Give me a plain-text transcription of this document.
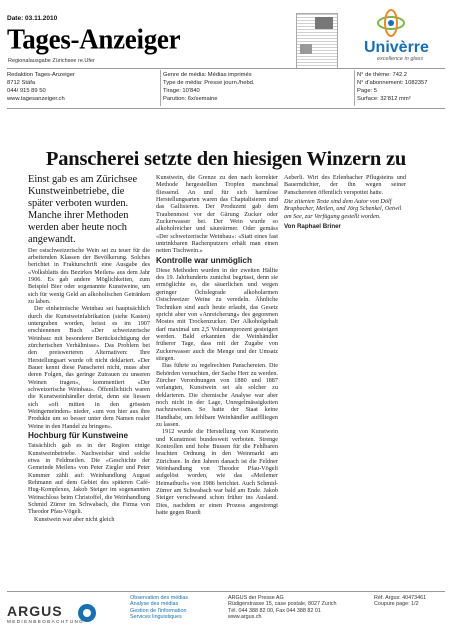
Date: 03.11.2010
Tages-Anzeiger
Regionalausgabe Zürichsee re.Ufer
Univèrre
excellence in glass
Redaktion Tages-Anzeiger
8712 Stäfa
044/ 915 89 50
www.tagesanzeiger.ch
Genre de média: Médias imprimés
Type de média: Presse journ./hebd.
Tirage: 10'840
Parution: 6x/semaine
N° de thème: 742.2
N° d'abonnement: 1082357
Page: 5
Surface: 32'812 mm²
Panscherei setzte den hiesigen Winzern zu

Einst gab es am Zürichsee Kunstweinbetriebe, die später verboten wurden. Manche ihrer Methoden werden aber heute noch angewandt.

Der ostschweizerische Wein sei zu teuer für die arbeitenden Klassen der Bevölkerung. Solches berichtet in Frakturschrift eine Ausgabe des «Volksblatts des Bezirkes Meilen» aus dem Jahr 1906. Es gab andere Möglichkeiten, zum Beispiel Bier oder sogenannte Kunstweine, um sich für wenig Geld an alkoholischen Getränken zu laben.

Der einheimische Weinbau sei hauptsächlich durch die Kunstweinfabrikation (siehe Kasten) untergraben worden, heisst es im 1907 erschienenen Buch «Der schweizerische Weinbau: mit besonderer Berücksichtigung der zürcherischen Verhältnisse». Das Problem bei den preiswerteren Alternativen: Ihre Herstellungsart wurde oft nicht deklariert. «Der Bauer kennt diese Panscherei nicht, muss aber deren Folgen, das geringe Zutrauen zu unseren Weinen tragen», kommentiert «Der schweizerische Weinbau». Öffentlichtich waren die Kunstweinhändler dreist, denn sie liessen sich «oft mitten in den grössten Weingemeinden» nieder, «um von hier aus ihre Produkte um so besser unter dem Namen realer Weine in den Handel zu bringen».

Hochburg für Kunstweine

Tatsächlich gab es in der Region einige Kunstweinbetriebe. Nachweisbar sind solche etwa in Feldmeilen. Die «Geschichte der Gemeinde Meilen» von Peter Ziegler und Peter Kummer zählt auf: Weinhandlung August Rehmann auf dem Gebiet des späteren Café-Hug-Komplexes, Jakob Steiger im sogenannten Weinschloss beim Christoffel, die Weinhandlung Schmid Zürrer im Schwabach, die Firma von Theodor Pfau-Vögeli.

Kunstwein war aber nicht gleich

Kunstwein, die Grenze zu den nach korrekter Methode hergestellten Tropfen manchmal fliessend. An und für sich harmlose Herstellungsarten waren das Chaptalisieren und das Gallisieren. Der Produzent gab dem Traubenmost vor der Gärung Zucker oder Zuckerwasser bei. Der Wein wurde so alkoholreicher und säureärmer. Oder gemäss «Der schweizerische Weinbau»: «Statt eines fast untrinkbaren Rachenputzers erhält man einen netten Tischwein.»

Kontrolle war unmöglich

Diese Methoden wurden in der zweiten Hälfte des 19. Jahrhunderts zunichst begrüsst, denn sie ermöglichte es, die säuerlichen und wegen geringer Öchslegrade alkoholarmen Ostschweizer Weine zu veredeln. Ähnliche Techniken sind auch heute erlaubt, das Gesetz spricht aber von «Anreicherung» des gegorenen Mostes mit Trockenzucker. Der Alkoholgehalt darf maximal um 2,5 Volumenprozent gesteigert werden. Bald erkannten die Weinhändler früherer Tage, dass mit der Zugabe von Zuckerwasser auch die Menge und der Umsatz stiegen.

Das führte zu regelrechten Panschereien. Die Behörden versuchten, der Sache Herr zu werden. Zürcher Verordnungen von 1880 und 1887 verlangten, Kunstwein sei als solcher zu deklarieren. Die chemische Analyse war aber noch nicht in der Lage, Unregelmässigkeiten nachzuweisen. So hatte der Staat keine Handhabe, um fehlbare Weinhändler aufflliegen zu lassen.

1912 wurde die Herstellung von Kunstwein und Kunstmost bundesweit verboten. Strenge Kontrollen und hohe Bussen für die Fehlbaren brachten Ordnung in den Weinmarkt am Zürichsee. In den Jahren danach ist die Feldner Weinhandlung von Theodor Pfau-Vögeli aufgelöst worden, wie das «Meilemer Heimatbuch» von 1986 berichtet. Auch Schmid-Zürrer am Schwabach war bald am Ende. Jakob Steiger verschwand schon früher ins Ausland. Dies, nachdem er einen Prozess angestrengt hatte gegen Ruedi

Aeberli. Wirt des Erlenbacher Pflugsteins und Bauerndichter, der ihn wegen seiner Panschereien öffentlich verspottet hatte.

Die zitierten Texte sind dem Autor von Dölf Brupbacher, Meilen, und Jörg Schenkel, Oetwil am See, zur Verfügung gestellt worden.

Von Raphael Briner
ARGUS
MEDIENBEOBACHTUNG
Observation des médias
Analyse des médias
Gestion de l'information
Services linguistiques
ARGUS der Presse AG
Rüdigerstrasse 15, case postale, 8027 Zurich
Tél. 044 388 82 00, Fax 044 388 82 01
www.argus.ch
Réf. Argus: 40473461
Coupure page: 1/2
